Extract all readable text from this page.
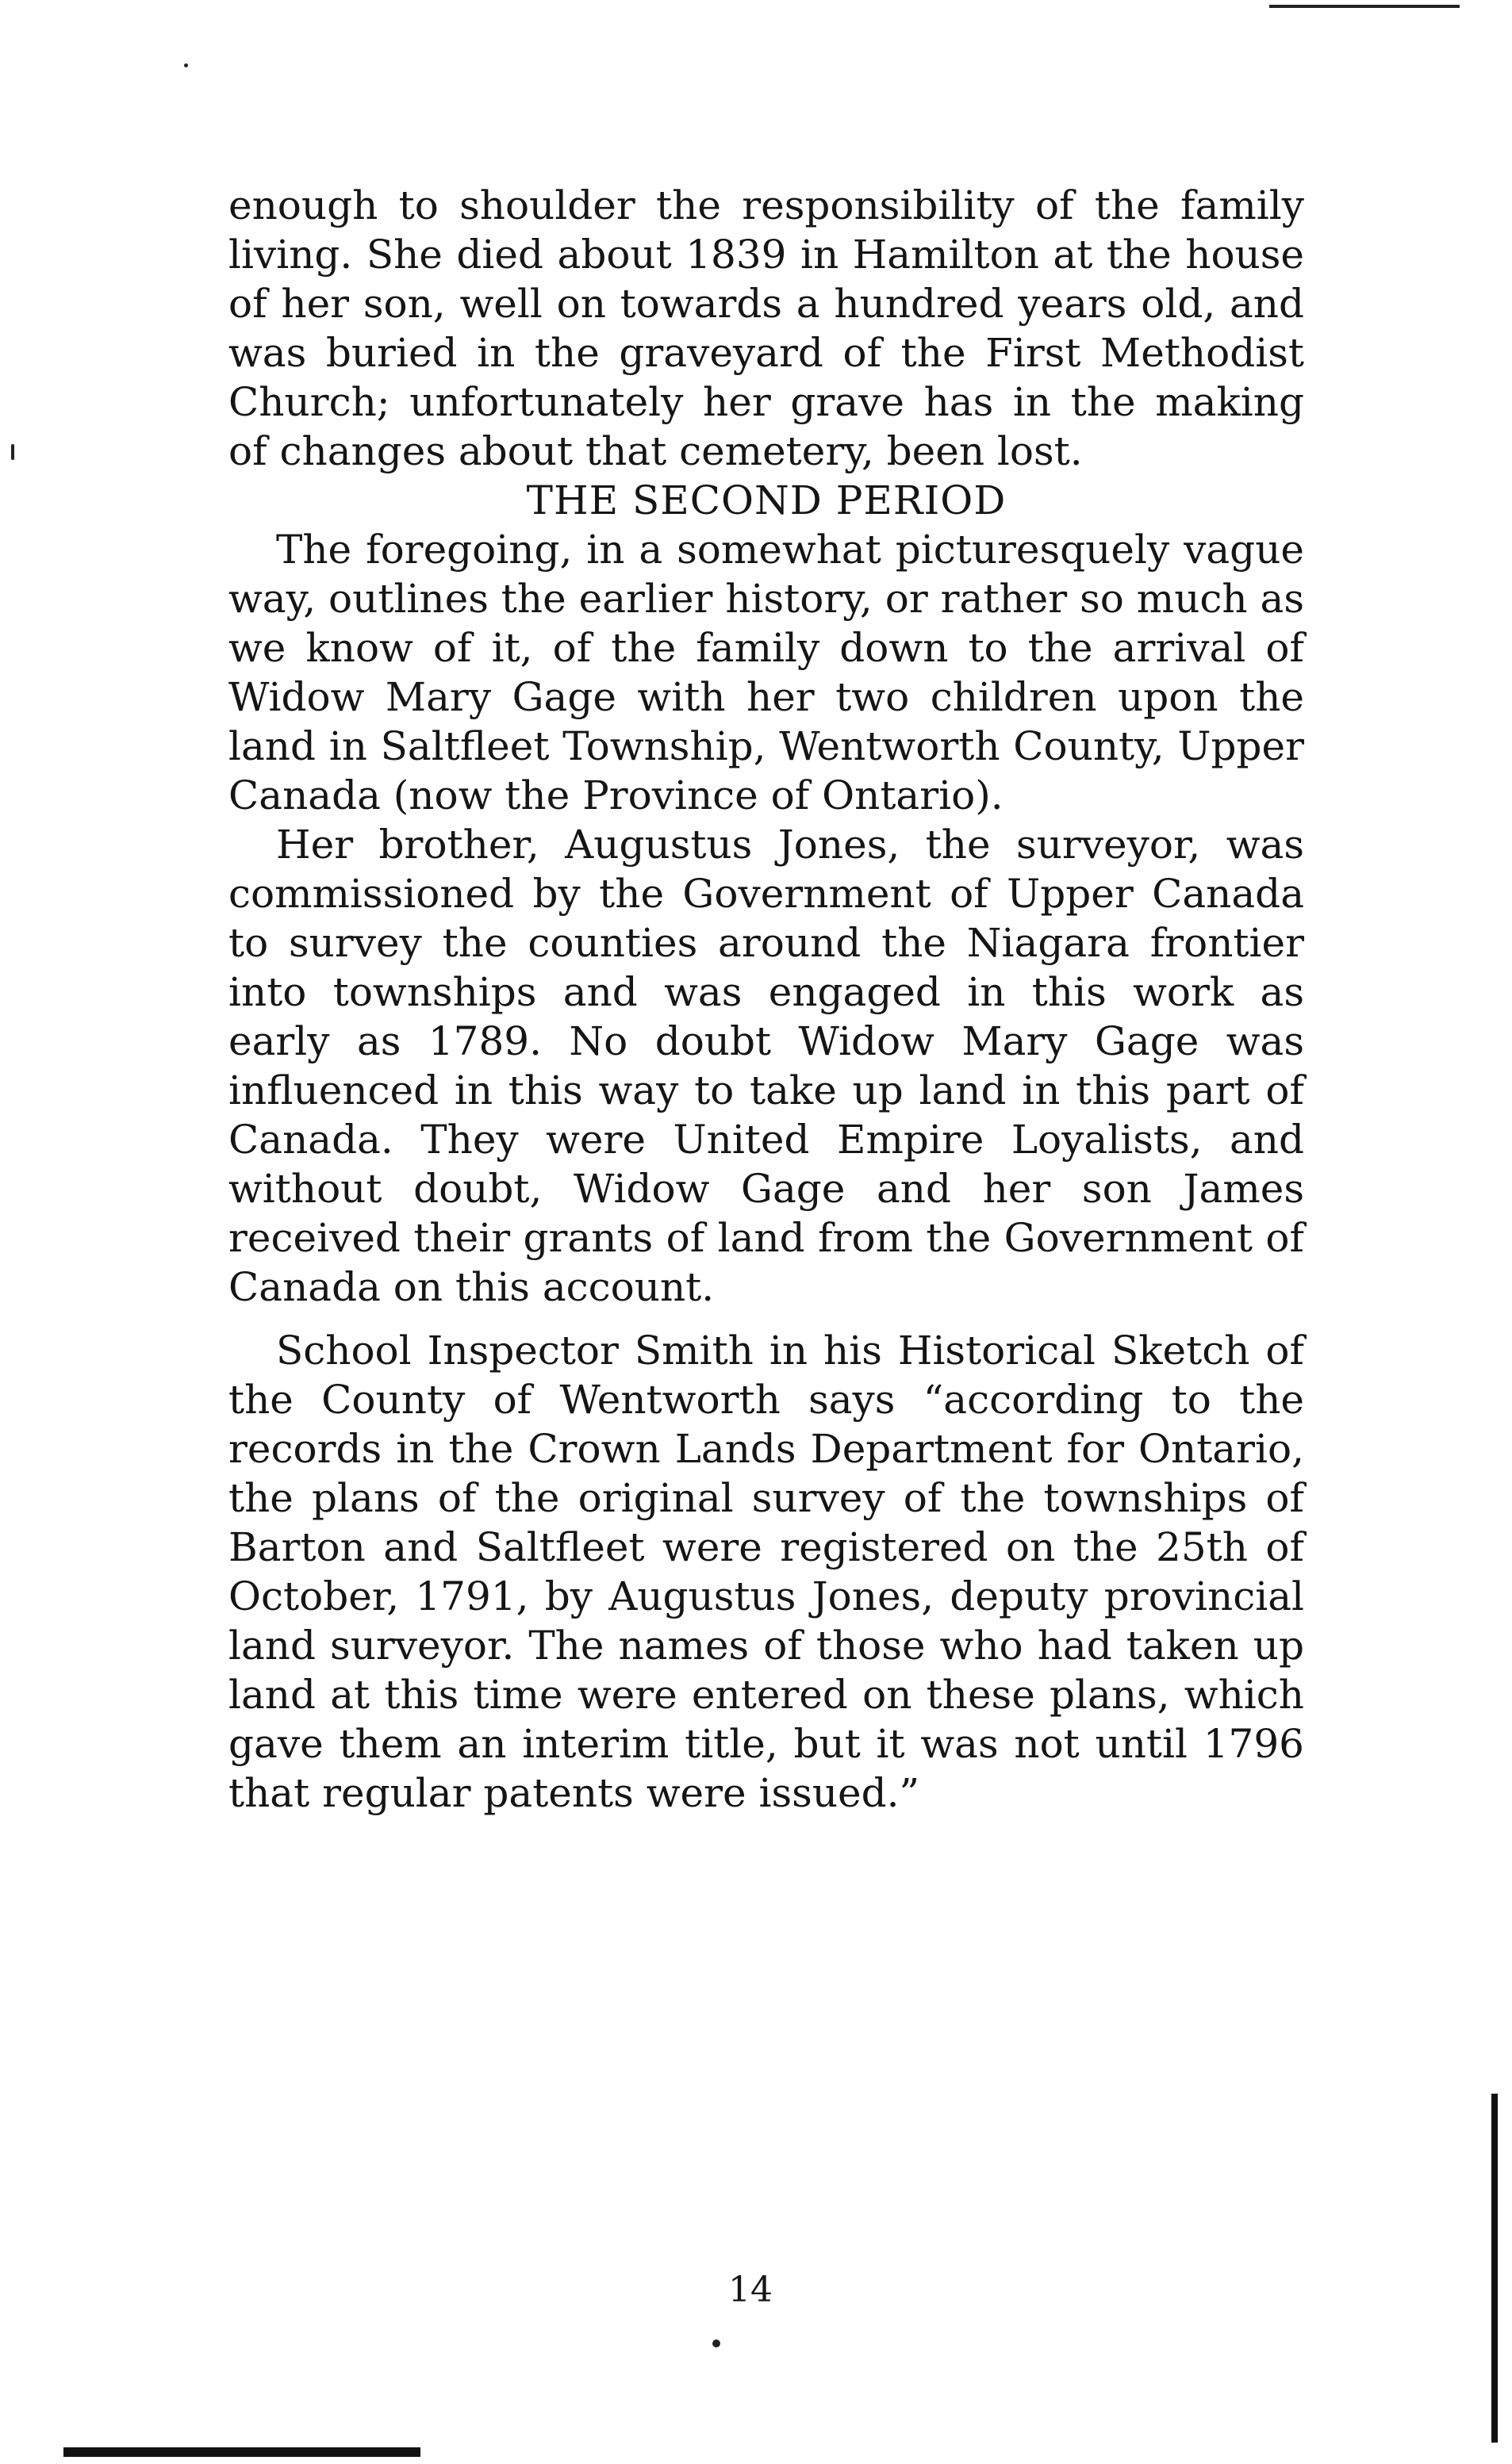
enough to shoulder the responsibility of the family living. She died about 1839 in Hamilton at the house of her son, well on towards a hundred years old, and was buried in the graveyard of the First Methodist Church; unfortunately her grave has in the making of changes about that cemetery, been lost.

THE SECOND PERIOD

The foregoing, in a somewhat picturesquely vague way, outlines the earlier history, or rather so much as we know of it, of the family down to the arrival of Widow Mary Gage with her two children upon the land in Saltfleet Township, Wentworth County, Upper Canada (now the Province of Ontario).

Her brother, Augustus Jones, the surveyor, was commissioned by the Government of Upper Canada to survey the counties around the Niagara frontier into townships and was engaged in this work as early as 1789. No doubt Widow Mary Gage was influenced in this way to take up land in this part of Canada. They were United Empire Loyalists, and without doubt, Widow Gage and her son James received their grants of land from the Government of Canada on this account.

School Inspector Smith in his Historical Sketch of the County of Wentworth says “according to the records in the Crown Lands Department for Ontario, the plans of the original survey of the townships of Barton and Saltfleet were registered on the 25th of October, 1791, by Augustus Jones, deputy provincial land surveyor. The names of those who had taken up land at this time were entered on these plans, which gave them an interim title, but it was not until 1796 that regular patents were issued.”

14
